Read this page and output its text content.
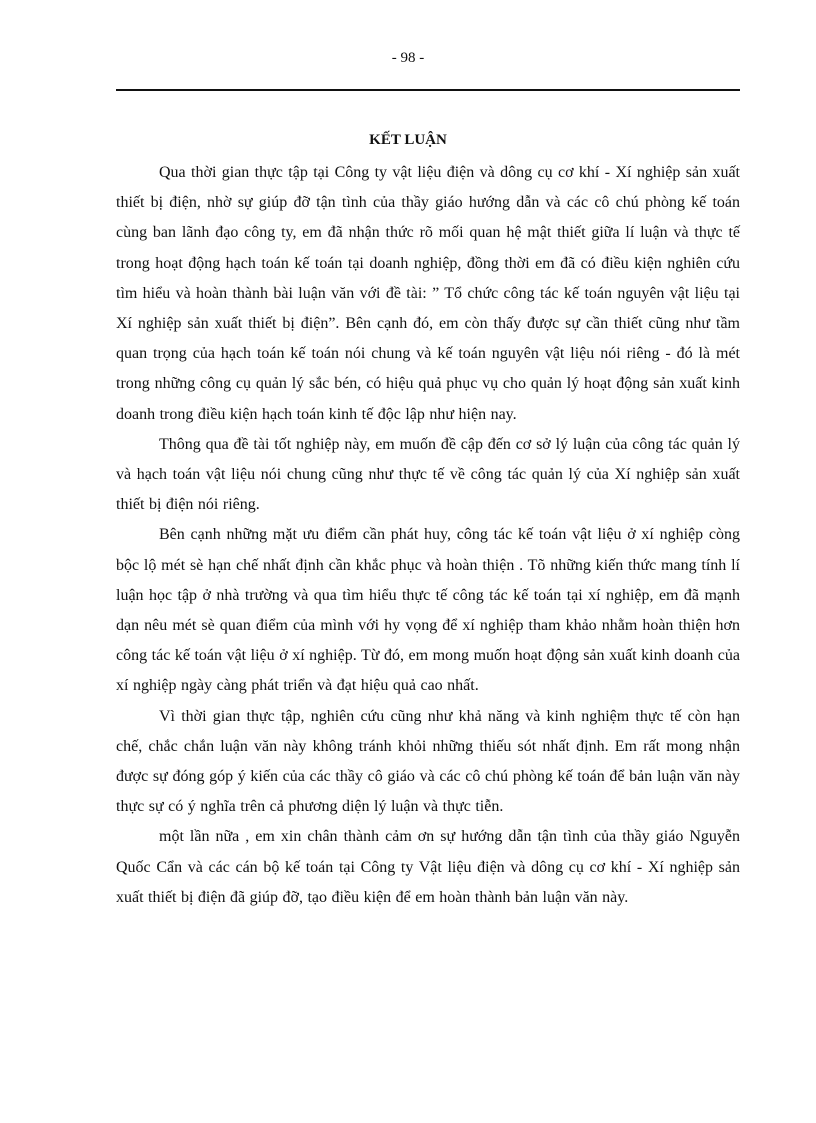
- 98 -
KẾT LUẬN

Qua thời gian thực tập tại Công ty vật liệu điện và dông cụ cơ khí - Xí nghiệp sản xuất thiết bị điện, nhờ sự giúp đỡ tận tình của thầy giáo hướng dẫn và các cô chú phòng kế toán cùng ban lãnh đạo công ty, em đã nhận thức rõ mối quan hệ mật thiết giữa lí luận và thực tế trong hoạt động hạch toán kế toán tại doanh nghiệp, đồng thời em đã có điều kiện nghiên cứu tìm hiểu và hoàn thành bài luận văn với đề tài: ” Tổ chức công tác kế toán nguyên vật liệu tại Xí nghiệp sản xuất thiết bị điện”. Bên cạnh đó, em còn thấy được sự cần thiết cũng như tầm quan trọng của hạch toán kế toán nói chung và kế toán nguyên vật liệu nói riêng - đó là mét trong những công cụ quản lý sắc bén, có hiệu quả phục vụ cho quản lý hoạt động sản xuất kinh doanh trong điều kiện hạch toán kinh tế độc lập như hiện nay.

Thông qua đề tài tốt nghiệp này, em muốn đề cập đến cơ sở lý luận của công tác quản lý và hạch toán vật liệu nói chung cũng như thực tế về công tác quản lý của Xí nghiệp sản xuất thiết bị điện nói riêng.

Bên cạnh những mặt ưu điểm cần phát huy, công tác kế toán vật liệu ở xí nghiệp còng bộc lộ mét sè hạn chế nhất định cần khắc phục và hoàn thiện . Tõ những kiến thức mang tính lí luận học tập ở nhà trường và qua tìm hiểu thực tế công tác kế toán tại xí nghiệp, em đã mạnh dạn nêu mét sè quan điểm của mình với hy vọng để xí nghiệp tham khảo nhằm hoàn thiện hơn công tác kế toán vật liệu ở xí nghiệp. Từ đó, em mong muốn hoạt động sản xuất kinh doanh của xí nghiệp ngày càng phát triển và đạt hiệu quả cao nhất.

Vì thời gian thực tập, nghiên cứu cũng như khả năng và kinh nghiệm thực tế còn hạn chế, chắc chắn luận văn này không tránh khỏi những thiếu sót nhất định. Em rất mong nhận được sự đóng góp ý kiến của các thầy cô giáo và các cô chú phòng kế toán để bản luận văn này thực sự có ý nghĩa trên cả phương diện lý luận và thực tiễn.

một lần nữa , em xin chân thành cảm ơn sự hướng dẫn tận tình của thầy giáo Nguyễn Quốc Cẩn và các cán bộ kế toán tại Công ty Vật liệu điện và dông cụ cơ khí - Xí nghiệp sản xuất thiết bị điện đã giúp đỡ, tạo điều kiện để em hoàn thành bản luận văn này.
